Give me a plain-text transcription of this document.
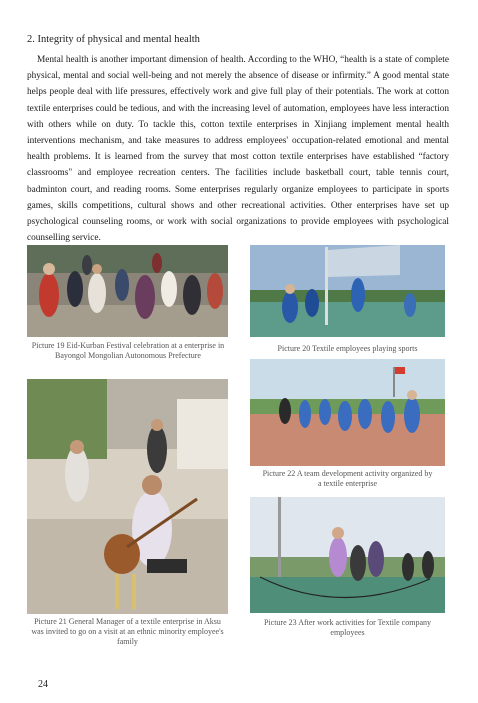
2. Integrity of physical and mental health
Mental health is another important dimension of health. According to the WHO, “health is a state of complete physical, mental and social well-being and not merely the absence of disease or infirmity.” A good mental state helps people deal with life pressures, effectively work and give full play of their potentials. The work at cotton textile enterprises could be tedious, and with the increasing level of automation, employees have less interaction with others while on duty. To tackle this, cotton textile enterprises in Xinjiang implement mental health interventions mechanism, and take measures to address employees' occupation-related emotional and mental health problems. It is learned from the survey that most cotton textile enterprises have established “factory classrooms" and employee recreation centers. The facilities include basketball court, table tennis court, badminton court, and reading rooms. Some enterprises regularly organize employees to participate in sports games, skills competitions, cultural shows and other recreational activities. Other enterprises have set up psychological counseling rooms, or work with social organizations to provide employees with psychological counselling service.
Picture 19 Eid-Kurban Festival celebration at a enterprise in Bayongol Mongolian Autonomous Prefecture
Picture 20 Textile employees playing sports
Picture 22 A team development activity organized by a textile enterprise
Picture 21 General Manager of a textile enterprise in Aksu was invited to go on a visit at an ethnic minority employee's family
Picture 23 After work activities for Textile company employees
24
